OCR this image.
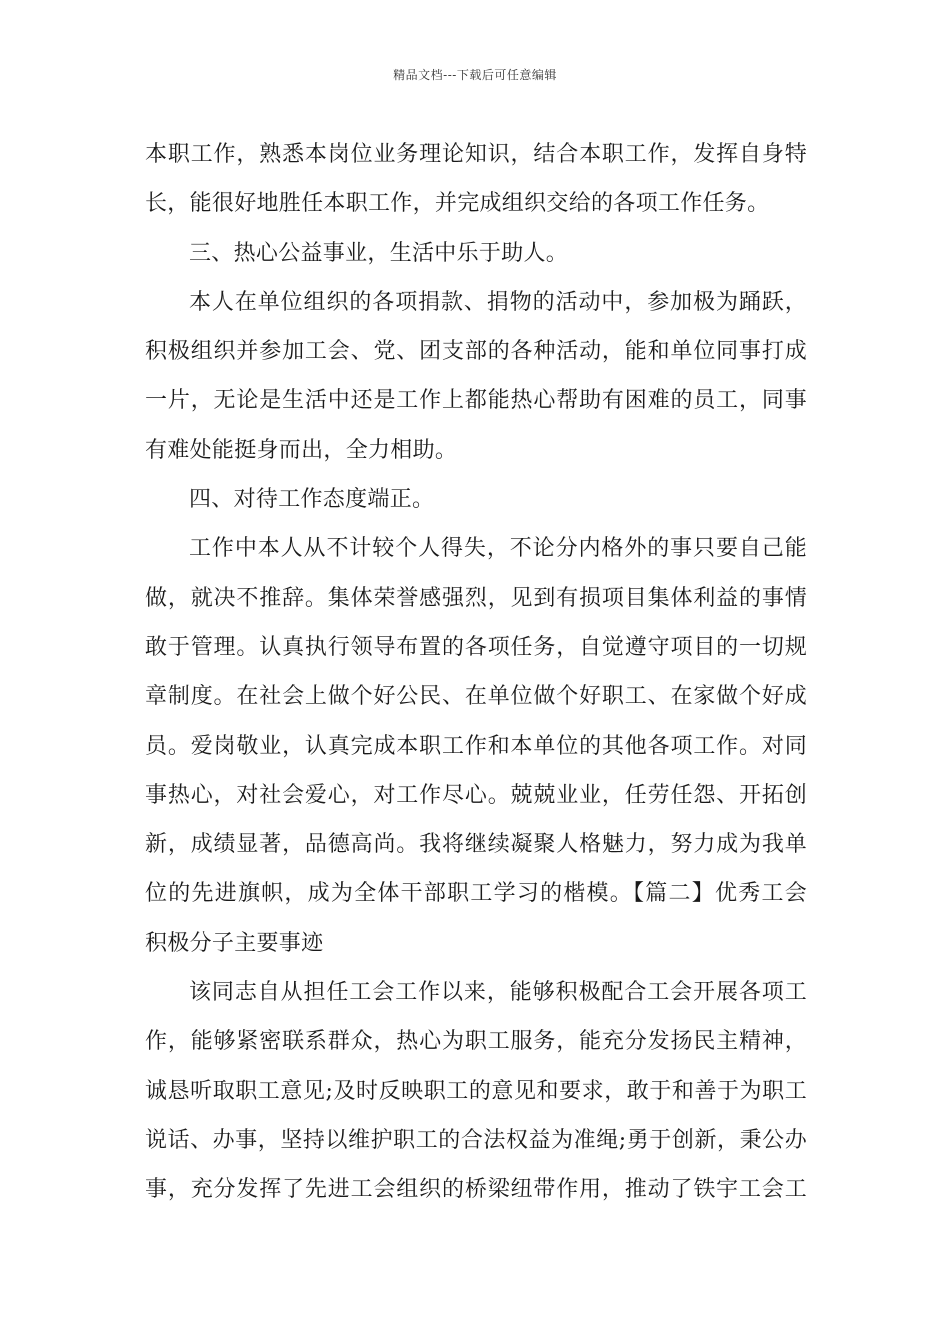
精品文档---下载后可任意编辑
本职工作，熟悉本岗位业务理论知识，结合本职工作，发挥自身特
长，能很好地胜任本职工作，并完成组织交给的各项工作任务。
三、热心公益事业，生活中乐于助人。
本人在单位组织的各项捐款、捐物的活动中，参加极为踊跃，
积极组织并参加工会、党、团支部的各种活动，能和单位同事打成
一片，无论是生活中还是工作上都能热心帮助有困难的员工，同事
有难处能挺身而出，全力相助。
四、对待工作态度端正。
工作中本人从不计较个人得失，不论分内格外的事只要自己能
做，就决不推辞。集体荣誉感强烈，见到有损项目集体利益的事情
敢于管理。认真执行领导布置的各项任务，自觉遵守项目的一切规
章制度。在社会上做个好公民、在单位做个好职工、在家做个好成
员。爱岗敬业，认真完成本职工作和本单位的其他各项工作。对同
事热心，对社会爱心，对工作尽心。兢兢业业，任劳任怨、开拓创
新，成绩显著，品德高尚。我将继续凝聚人格魅力，努力成为我单
位的先进旗帜，成为全体干部职工学习的楷模。【篇二】优秀工会
积极分子主要事迹
该同志自从担任工会工作以来，能够积极配合工会开展各项工
作，能够紧密联系群众，热心为职工服务，能充分发扬民主精神，
诚恳听取职工意见;及时反映职工的意见和要求，敢于和善于为职工
说话、办事，坚持以维护职工的合法权益为准绳;勇于创新，秉公办
事，充分发挥了先进工会组织的桥梁纽带作用，推动了铁宇工会工
